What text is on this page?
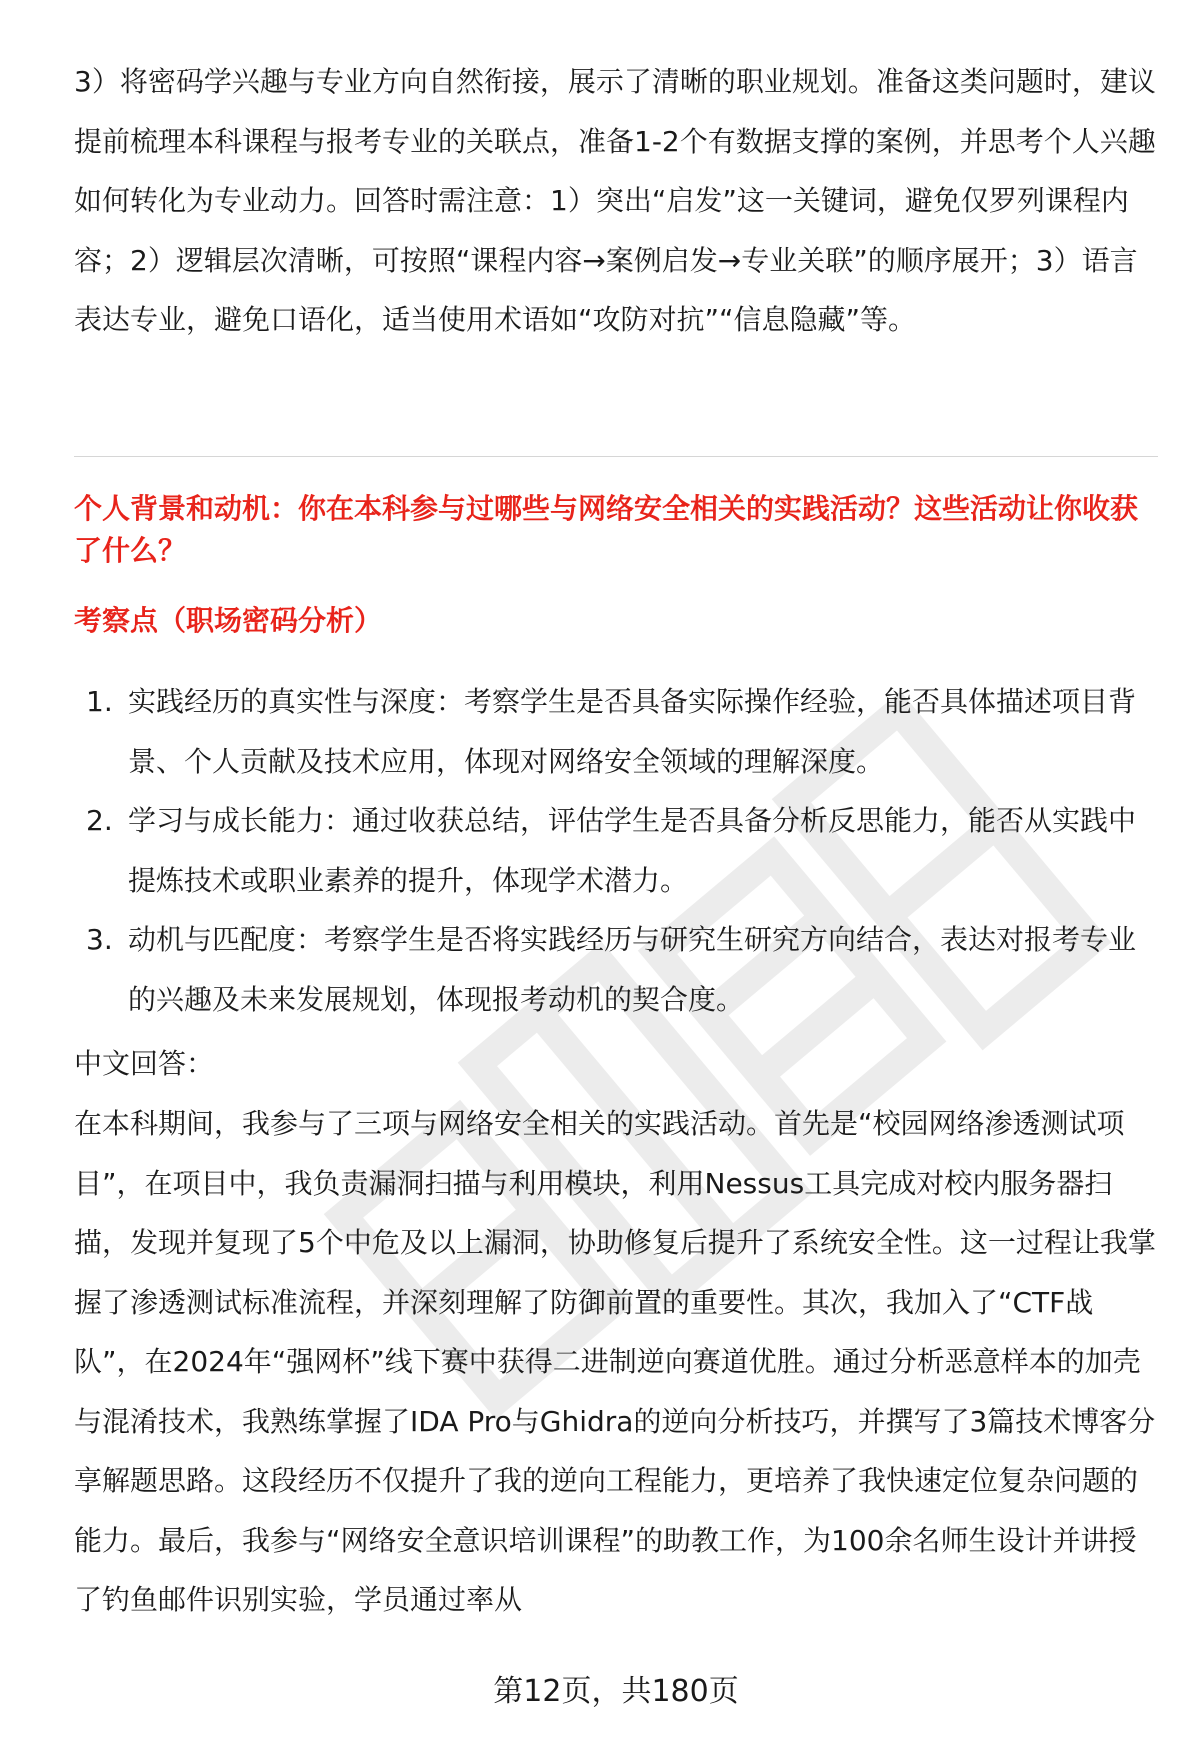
3）将密码学兴趣与专业方向自然衔接，展示了清晰的职业规划。准备这类问题时，建议提前梳理本科课程与报考专业的关联点，准备1-2个有数据支撑的案例，并思考个人兴趣如何转化为专业动力。回答时需注意：1）突出“启发”这一关键词，避免仅罗列课程内容；2）逻辑层次清晰，可按照“课程内容→案例启发→专业关联”的顺序展开；3）语言表达专业，避免口语化，适当使用术语如“攻防对抗”“信息隐藏”等。

个人背景和动机：你在本科参与过哪些与网络安全相关的实践活动？这些活动让你收获了什么？

考察点（职场密码分析）

1. 实践经历的真实性与深度：考察学生是否具备实际操作经验，能否具体描述项目背景、个人贡献及技术应用，体现对网络安全领域的理解深度。
2. 学习与成长能力：通过收获总结，评估学生是否具备分析反思能力，能否从实践中提炼技术或职业素养的提升，体现学术潜力。
3. 动机与匹配度：考察学生是否将实践经历与研究生研究方向结合，表达对报考专业的兴趣及未来发展规划，体现报考动机的契合度。

中文回答：

在本科期间，我参与了三项与网络安全相关的实践活动。首先是“校园网络渗透测试项目”，在项目中，我负责漏洞扫描与利用模块，利用Nessus工具完成对校内服务器扫描，发现并复现了5个中危及以上漏洞，协助修复后提升了系统安全性。这一过程让我掌握了渗透测试标准流程，并深刻理解了防御前置的重要性。其次，我加入了“CTF战队”，在2024年“强网杯”线下赛中获得二进制逆向赛道优胜。通过分析恶意样本的加壳与混淆技术，我熟练掌握了IDA Pro与Ghidra的逆向分析技巧，并撰写了3篇技术博客分享解题思路。这段经历不仅提升了我的逆向工程能力，更培养了我快速定位复杂问题的能力。最后，我参与“网络安全意识培训课程”的助教工作，为100余名师生设计并讲授了钓鱼邮件识别实验，学员通过率从

第12页，共180页
